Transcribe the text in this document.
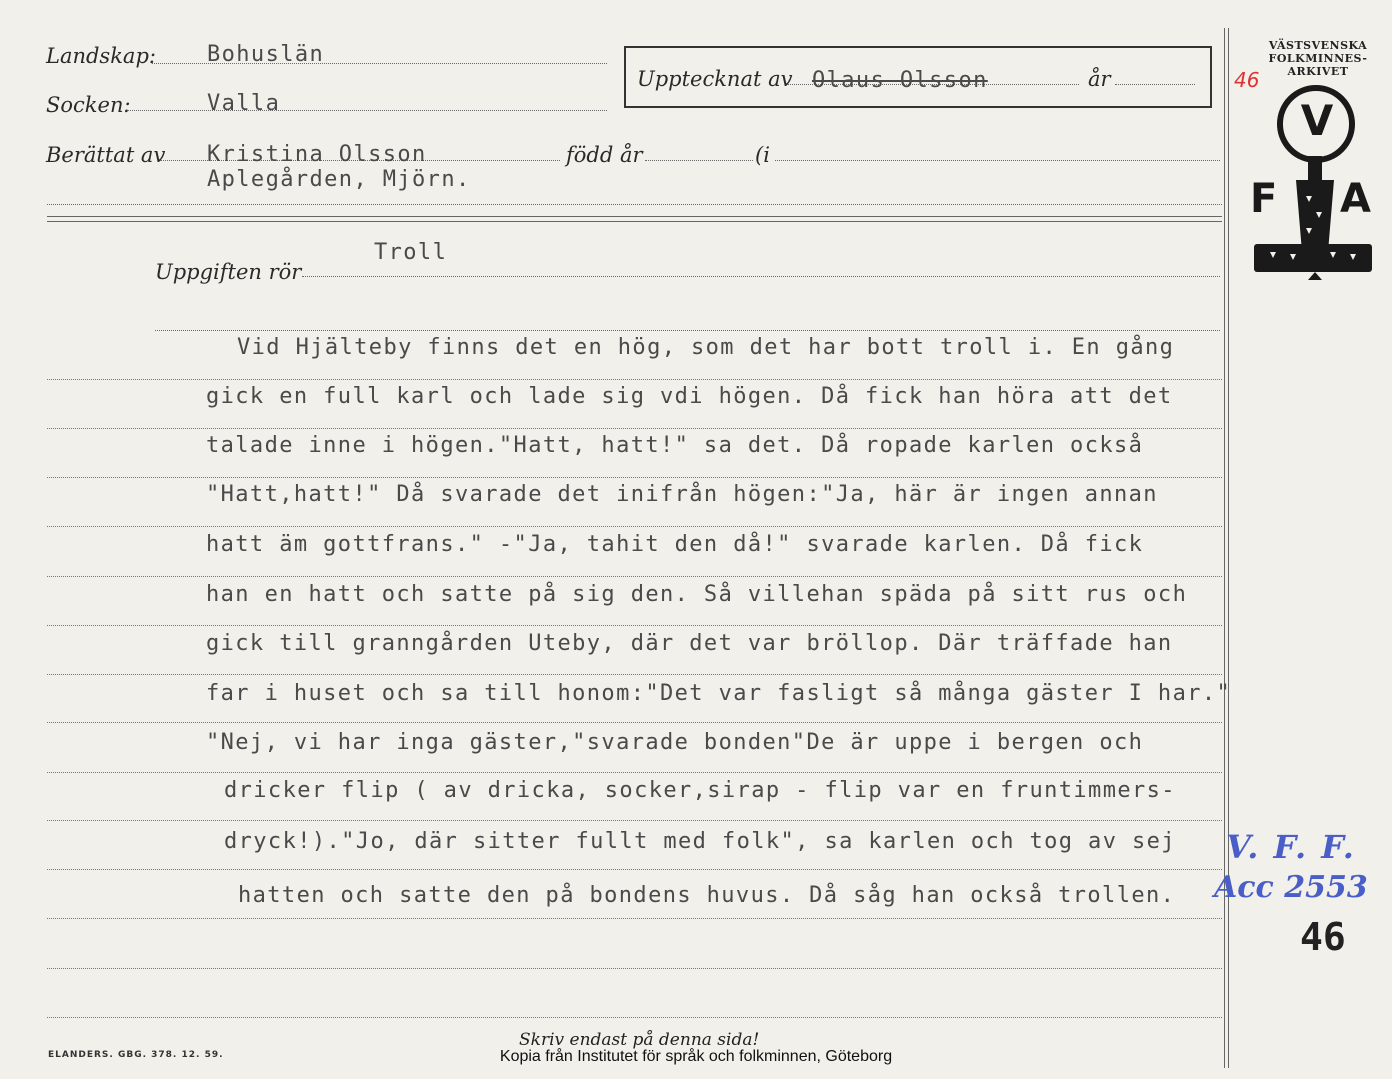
Landskap: Bohuslän
Socken:	Valla
Berättat av Kristina Olsson	född år	(i
Aplegården, Mjörn.
Upptecknat av Olaus Olsson	år
Uppgiften rör
Troll
Vid Hjälteby finns det en hög, som det har bott troll i. En gång
gick en full karl och lade sig vdi högen. Då fick han höra att det
talade inne i högen."Hatt, hatt!" sa det. Då ropade karlen också
"Hatt,hatt!" Då svarade det inifrån högen:"Ja, här är ingen annan
hatt äm gottfrans." -"Ja, tahit den då!" svarade karlen. Då fick
han en hatt och satte på sig den. Så villehan späda på sitt rus och
gick till granngården Uteby, där det var bröllop. Där träffade han
far i huset och sa till honom:"Det var fasligt så många gäster I har."
"Nej, vi har inga gäster,"svarade bonden"De är uppe i bergen och
dricker flip ( av dricka, socker,sirap - flip var en fruntimmers-
dryck!)."Jo, där sitter fullt med folk", sa karlen och tog av sej
hatten och satte den på bondens huvus. Då såg han också trollen.
VÄSTSVENSKA
FOLKMINNES-
ARKIVET
46
V
F A
V. F. F.
Acc 2553
46
ELANDERS. GBG. 378. 12. 59.
Skriv endast på denna sida!
Kopia från Institutet för språk och folkminnen, Göteborg
